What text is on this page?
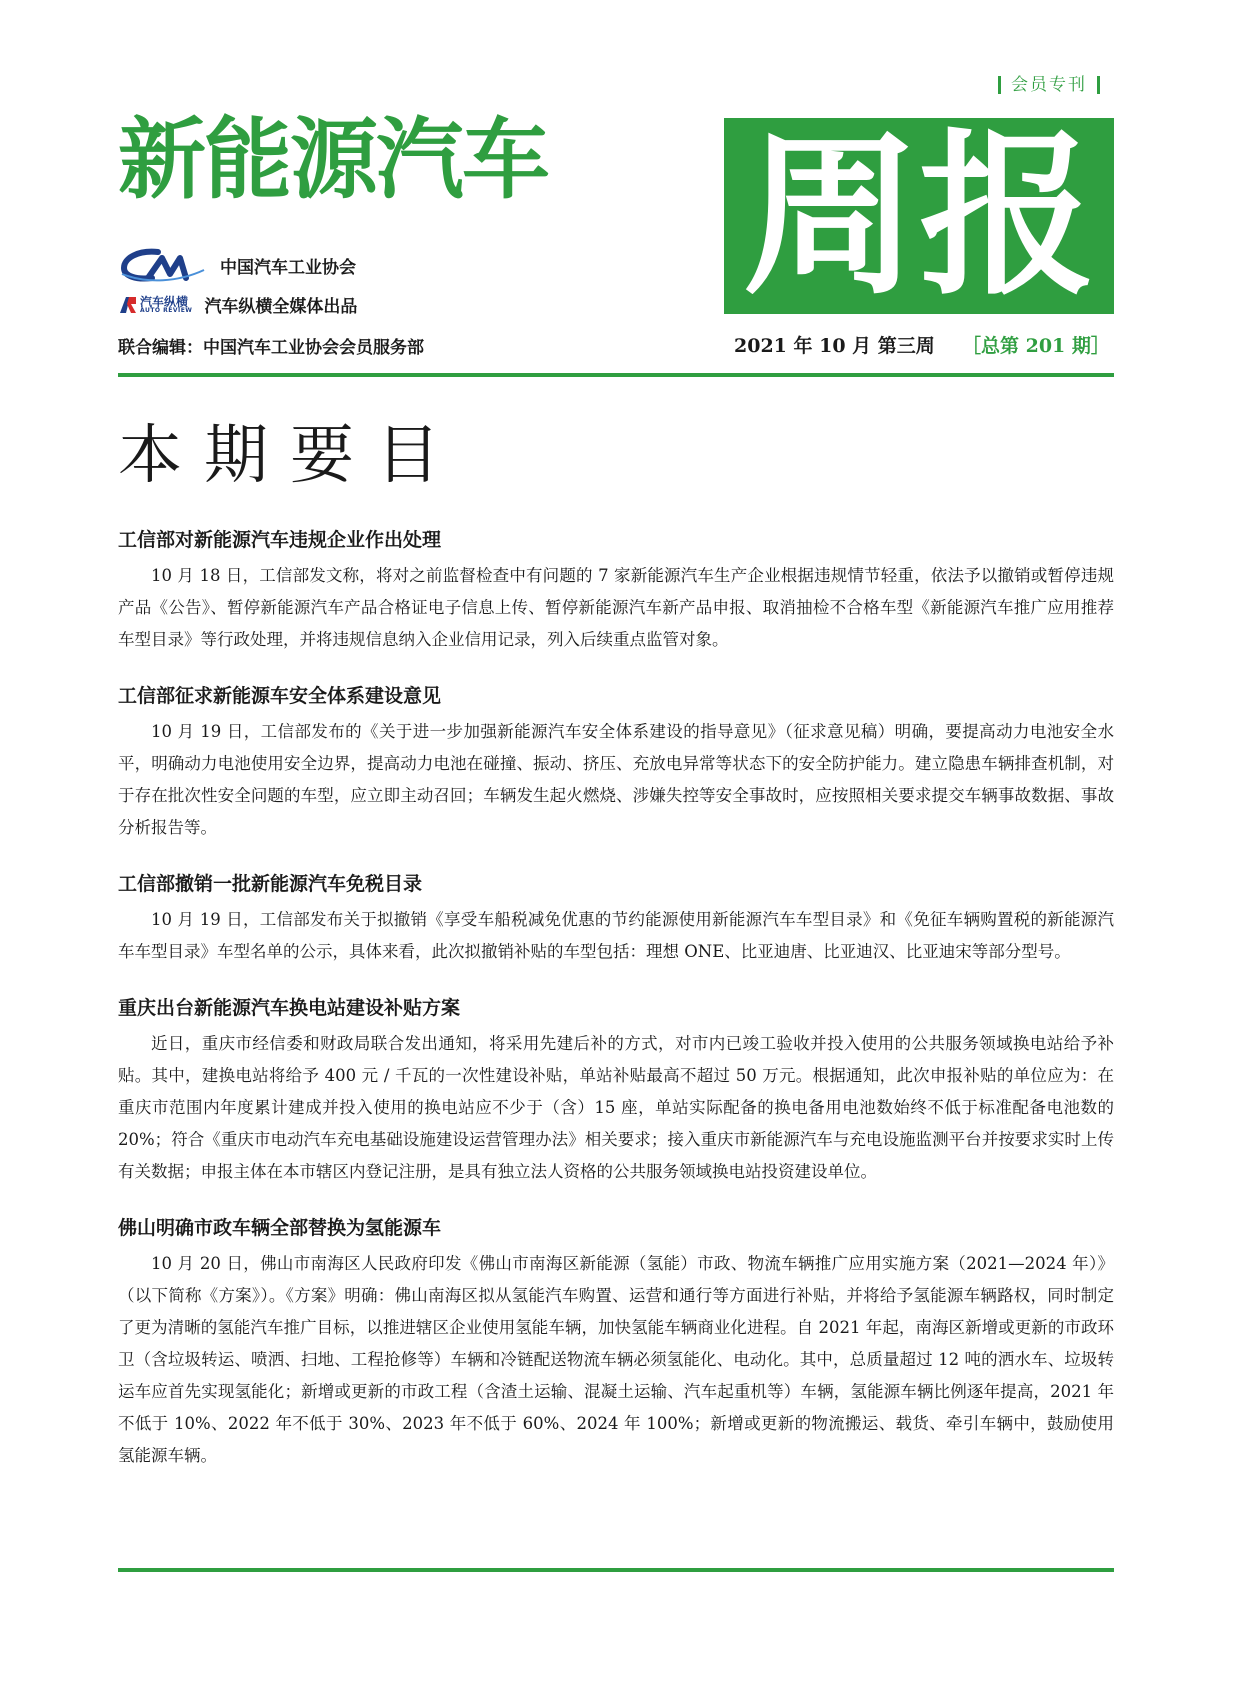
会员专刊
新能源汽车 周报
中国汽车工业协会
汽车纵横
AUTO REVIEW 汽车纵横全媒体出品
联合编辑：中国汽车工业协会会员服务部	2021 年 10 月 第三周 ［总第 201 期］
本期要目
工信部对新能源汽车违规企业作出处理

10 月 18 日，工信部发文称，将对之前监督检查中有问题的 7 家新能源汽车生产企业根据违规情节轻重，依法予以撤销或暂停违规产品《公告》、暂停新能源汽车产品合格证电子信息上传、暂停新能源汽车新产品申报、取消抽检不合格车型《新能源汽车推广应用推荐车型目录》等行政处理，并将违规信息纳入企业信用记录，列入后续重点监管对象。

工信部征求新能源车安全体系建设意见

10 月 19 日，工信部发布的《关于进一步加强新能源汽车安全体系建设的指导意见》（征求意见稿）明确，要提高动力电池安全水平，明确动力电池使用安全边界，提高动力电池在碰撞、振动、挤压、充放电异常等状态下的安全防护能力。建立隐患车辆排查机制，对于存在批次性安全问题的车型，应立即主动召回；车辆发生起火燃烧、涉嫌失控等安全事故时，应按照相关要求提交车辆事故数据、事故分析报告等。

工信部撤销一批新能源汽车免税目录

10 月 19 日，工信部发布关于拟撤销《享受车船税减免优惠的节约能源使用新能源汽车车型目录》和《免征车辆购置税的新能源汽车车型目录》车型名单的公示，具体来看，此次拟撤销补贴的车型包括：理想 ONE、比亚迪唐、比亚迪汉、比亚迪宋等部分型号。

重庆出台新能源汽车换电站建设补贴方案

近日，重庆市经信委和财政局联合发出通知，将采用先建后补的方式，对市内已竣工验收并投入使用的公共服务领域换电站给予补贴。其中，建换电站将给予 400 元 / 千瓦的一次性建设补贴，单站补贴最高不超过 50 万元。根据通知，此次申报补贴的单位应为：在重庆市范围内年度累计建成并投入使用的换电站应不少于（含）15 座，单站实际配备的换电备用电池数始终不低于标准配备电池数的 20%；符合《重庆市电动汽车充电基础设施建设运营管理办法》相关要求；接入重庆市新能源汽车与充电设施监测平台并按要求实时上传有关数据；申报主体在本市辖区内登记注册，是具有独立法人资格的公共服务领域换电站投资建设单位。

佛山明确市政车辆全部替换为氢能源车

10 月 20 日，佛山市南海区人民政府印发《佛山市南海区新能源（氢能）市政、物流车辆推广应用实施方案（2021—2024 年）》（以下简称《方案》）。《方案》明确：佛山南海区拟从氢能汽车购置、运营和通行等方面进行补贴，并将给予氢能源车辆路权，同时制定了更为清晰的氢能汽车推广目标，以推进辖区企业使用氢能车辆，加快氢能车辆商业化进程。自 2021 年起，南海区新增或更新的市政环卫（含垃圾转运、喷洒、扫地、工程抢修等）车辆和冷链配送物流车辆必须氢能化、电动化。其中，总质量超过 12 吨的洒水车、垃圾转运车应首先实现氢能化；新增或更新的市政工程（含渣土运输、混凝土运输、汽车起重机等）车辆，氢能源车辆比例逐年提高，2021 年不低于 10%、2022 年不低于 30%、2023 年不低于 60%、2024 年 100%；新增或更新的物流搬运、载货、牵引车辆中，鼓励使用氢能源车辆。
